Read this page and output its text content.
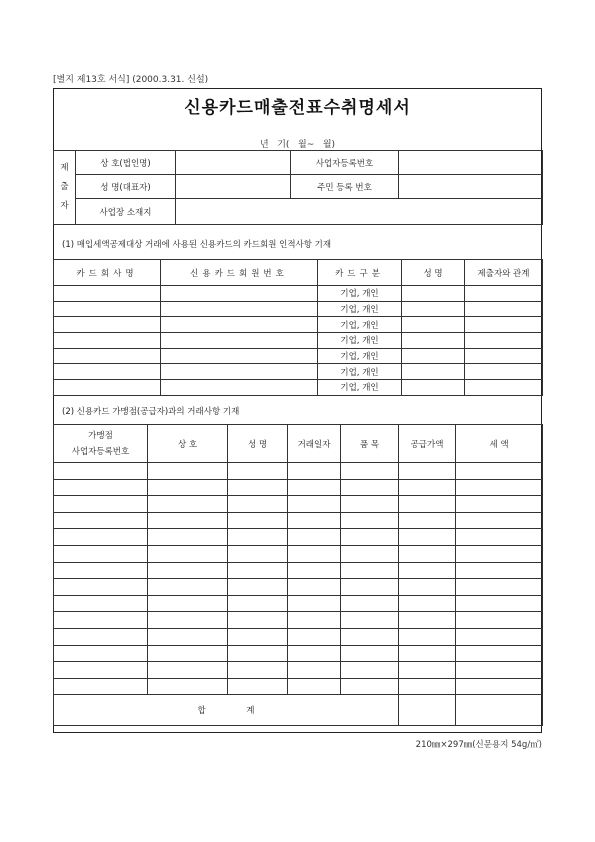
[별지 제13호 서식] (2000.3.31. 신설)
신용카드매출전표수취명세서
년   기(   월~   월)
제
출
자	상 호(법인명)		사업자등록번호	
	성 명(대표자)		주민 등록 번호	
	사업장 소재지			
(1) 매입세액공제대상 거래에 사용된 신용카드의 카드회원 인적사항 기재
카드회사명	신용카드회원번호	카드구분	성 명	제출자와 관계
		기업, 개인		
		기업, 개인		
		기업, 개인		
		기업, 개인		
		기업, 개인		
		기업, 개인		
		기업, 개인		
(2) 신용카드 가맹점(공급자)과의 거래사항 기재
가맹점
사업자등록번호	상 호	성 명	거래일자	품 목	공급가액	세 액

합               계						
210㎜×297㎜(신문용지 54g/㎡)
